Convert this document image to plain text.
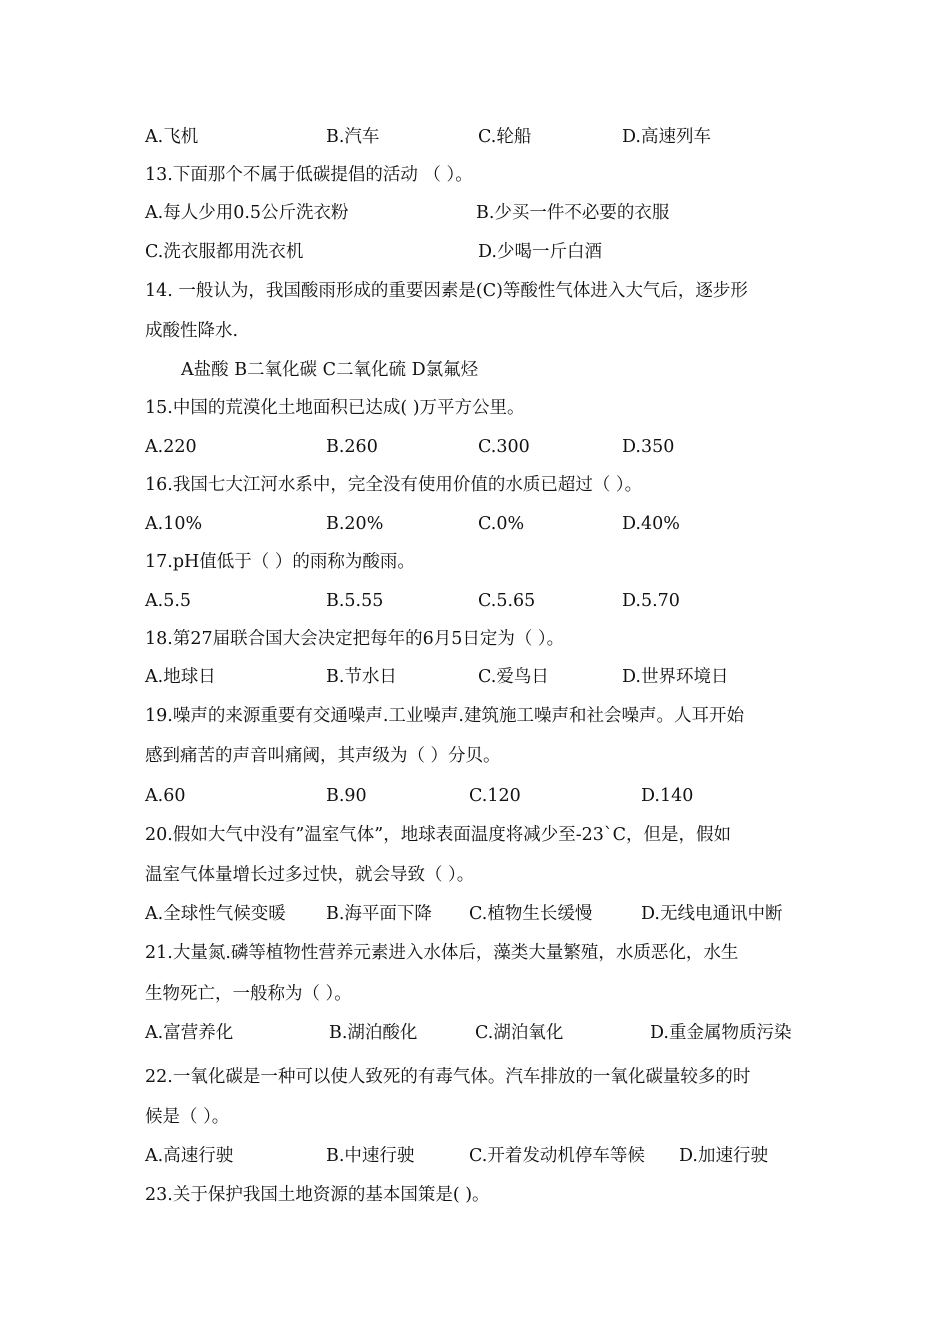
A.飞机	B.汽车	C.轮船	D.高速列车
13.下面那个不属于低碳提倡的活动 （ ）。
A.每人少用0.5公斤洗衣粉	B.少买一件不必要的衣服
C.洗衣服都用洗衣机	D.少喝一斤白酒
14. 一般认为，我国酸雨形成的重要因素是(C)等酸性气体进入大气后，逐步形
成酸性降水.
A盐酸 B二氧化碳 C二氧化硫 D氯氟烃
15.中国的荒漠化土地面积已达成( )万平方公里。
A.220	B.260	C.300	D.350
16.我国七大江河水系中，完全没有使用价值的水质已超过（ ）。
A.10%	B.20%	C.0%	D.40%
17.pH值低于（ ）的雨称为酸雨。
A.5.5	B.5.55	C.5.65	D.5.70
18.第27届联合国大会决定把每年的6月5日定为（ ）。
A.地球日	B.节水日	C.爱鸟日	D.世界环境日
19.噪声的来源重要有交通噪声.工业噪声.建筑施工噪声和社会噪声。人耳开始
感到痛苦的声音叫痛阈，其声级为（ ）分贝。
A.60	B.90	C.120	D.140
20.假如大气中没有”温室气体”，地球表面温度将减少至-23`C，但是，假如
温室气体量增长过多过快，就会导致（ ）。
A.全球性气候变暖 B.海平面下降 C.植物生长缓慢	D.无线电通讯中断
21.大量氮.磷等植物性营养元素进入水体后，藻类大量繁殖，水质恶化，水生
生物死亡，一般称为（ ）。
A.富营养化	B.湖泊酸化	C.湖泊氧化	D.重金属物质污染
22.一氧化碳是一种可以使人致死的有毒气体。汽车排放的一氧化碳量较多的时
候是（ ）。
A.高速行驶	B.中速行驶	C.开着发动机停车等候 D.加速行驶
23.关于保护我国土地资源的基本国策是( )。
